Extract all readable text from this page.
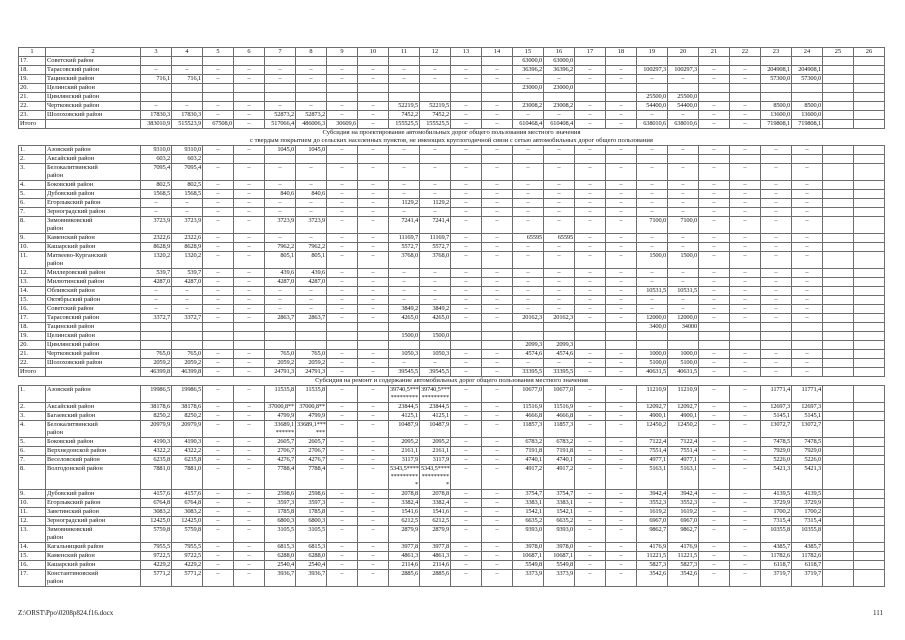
1	2	3	4	5	6	7	8	9	10	11	12	13	14	15	16	17	18	19	20	21	22	23	24	25	26
17.	Советский район													63000,0	63000,0										
18.	Тарасовский район	–	–	–	–	–	–	–	–	–	–	–	–	36396,2	36396,2	–	–	100297,3	100297,3	–	–	204908,1	204908,1		
19.	Тацинский район	716,1	716,1	–	–	–	–	–	–	–	–	–	–	–	–	–	–	–	–	–	–	57300,0	57300,0		
20.	Целинский район													23000,0	23000,0										
21.	Цимлянский район																	25500,0	25500,0						
22.	Чертковский район	–	–	–	–	–	–	–	–	52219,5	52219,5	–	–	23008,2	23008,2	–	–	54400,0	54400,0	–	–	8500,0	8500,0		
23.	Шолоховский район	17830,3	17830,3	–	–	52873,2	52873,2	–	–	7452,2	7452,2	–	–	–	–	–	–	–	–	–	–	13600,0	13600,0		
Итого		383010,9	515523,9	67508,0	–	517066,4	486006,3	30609,6	–	155525,5	155525,5	–	–	610468,4	610408,4	–	–	638010,6	638010,6	–	–	719808,1	719808,1		
Субсидия на проектирование автомобильных дорог общего пользования местного значения
с твердым покрытием до сельских населенных пунктов, не имеющих круглогодичной связи с сетью автомобильных дорог общего пользования																									
1.	Азовский район	9310,0	9310,0	–	–	1045,0	1045,0	–	–	–	–	–	–	–	–	–	–	–	–	–	–	–	–		
2.	Аксайский район	603,2	603,2																						
3.	Белокалитвинский
район	7095,4	7095,4	–	–	–	–	–	–	–	–	–	–	–	–	–	–	–	–	–	–	–	–		
4.	Боковский район	802,5	802,5	–	–	–	–	–	–	–	–	–	–	–	–	–	–	–	–	–	–	–	–		
5.	Дубовский район	1568,5	1568,5	–	–	840,6	840,6	–	–	–	–	–	–	–	–	–	–	–	–	–	–	–	–		
6.	Егорлыкский район	–	–	–	–	–	–	–	–	1129,2	1129,2	–	–	–	–	–	–	–	–	–	–	–	–		
7.	Зерноградский район	–	–	–	–	–	–	–	–	–	–	–	–	–	–	–	–	–	–	–	–	–	–		
8.	Зимовниковский
район	3723,9	3723,9	–	–	3723,9	3723,9	–	–	7241,4	7241,4	–	–	–	–	–	–	7100,0	7100,0	–	–	–	–		
9.	Каменский район	2322,6	2322,6	–	–	–	–	–	–	11169,7	11169,7	–	–	65595	65595	–	–	–	–	–	–	–	–		
10.	Кашарский район	8628,9	8628,9	–	–	7962,2	7962,2	–	–	5572,7	5572,7	–	–	–	–	–	–	–	–	–	–	–	–		
11.	Матвеево-Курганский
район	1320,2	1320,2	–	–	805,1	805,1	–	–	3768,0	3768,0	–	–	–	–	–	–	1500,0	1500,0	–	–	–	–		
12.	Миллеровский район	539,7	539,7	–	–	439,6	439,6	–	–	–	–	–	–	–	–	–	–	–	–	–	–	–	–		
13.	Милютинский район	4287,0	4287,0	–	–	4287,0	4287,0	–	–	–	–	–	–	–	–	–	–	–	–	–	–	–	–		
14.	Обливский район	–	–	–	–	–	–	–	–	–	–	–	–	–	–	–	–	10531,5	10531,5	–	–	–	–		
15.	Октябрьский район	–	–	–	–	–	–	–	–	–	–	–	–	–	–	–	–	–	–	–	–	–	–		
16.	Советский район	–	–	–	–	–	–	–	–	3849,2	3849,2	–	–	–	–	–	–	–	–	–	–	–	–		
17.	Тарасовский район	3372,7	3372,7	–	–	2863,7	2863,7	–	–	4265,0	4265,0	–	–	20162,3	20162,3	–	–	12000,0	12000,0	–	–	–	–		
18.	Тацинский район																	3400,0	34000						
19.	Целинский район									1500,0	1500,0														
20.	Цимлянский район													2099,3	2099,3										
21.	Чертковский район	765,0	765,0	–	–	765,0	765,0	–	–	1050,3	1050,3	–	–	4574,6	4574,6	–	–	1000,0	1000,0	–	–	–	–		
22.	Шолоховский район	2059,2	2059,2	–	–	2059,2	2059,2	–	–	–	–	–	–	–	–	–	–	5100,0	5100,0	–	–	–	–		
Итого		46399,8	46399,8	–	–	24791,3	24791,3	–	–	39545,5	39545,5	–	–	33395,5	33395,5	–	–	40631,5	40631,5	–	–	–	–		
Субсидия на ремонт и содержание автомобильных дорог общего пользования местного значения																									
1.	Азовский район	19986,5	19986,5	–	–	11535,8	11535,8	–	–	39740,5***
*********	39740,5***
*********	–	–	10677,0	10677,0	–	–	11210,9	11210,9	–	–	11771,4	11771,4		
2.	Аксайский район	38178,6	38178,6	–	–	37000,8**	37000,8**	–	–	23844,5	23844,5	–	–	11516,9	11516,9	–	–	12092,7	12092,7	–	–	12697,3	12697,3		
3.	Багаевский район	8250,2	8250,2	–	–	4799,9	4799,9	–	–	4125,1	4125,1	–	–	4666,8	4666,8	–	–	4900,1	4900,1	–	–	5145,1	5145,1		
4.	Белокалитвинский
район	20979,9	20979,9	–	–	33689,1
******	33689,1***
***	–	–	10487,9	10487,9	–	–	11857,3	11857,3	–	–	12450,2	12450,2	–	–	13072,7	13072,7		
5.	Боковский район	4190,3	4190,3	–	–	2605,7	2605,7	–	–	2095,2	2095,2	–	–	6783,2	6783,2	–	–	7122,4	7122,4	–	–	7478,5	7478,5		
6.	Верхнедонской район	4322,2	4322,2	–	–	2706,7	2706,7	–	–	2161,1	2161,1	–	–	7191,8	7191,8	–	–	7551,4	7551,4	–	–	7929,0	7929,0		
7.	Веселовский район	6235,8	6235,8	–	–	4276,7	4276,7	–	–	3117,9	3117,9	–	–	4740,1	4740,1	–	–	4977,1	4977,1	–	–	5226,0	5226,0		
8.	Волгодонской район	7881,0	7881,0	–	–	7788,4	7788,4	–	–	5343,5****
*********
*	5343,5****
*********
*	–	–	4917,2	4917,2	–	–	5163,1	5163,1	–	–	5421,3	5421,3		
9.	Дубовский район	4157,6	4157,6	–	–	2598,6	2598,6	–	–	2078,8	2078,8	–	–	3754,7	3754,7	–	–	3942,4	3942,4	–	–	4139,5	4139,5		
10.	Егорлыкский район	6764,8	6764,8	–	–	3597,3	3597,3	–	–	3382,4	3382,4	–	–	3383,1	3383,1	–	–	3552,3	3552,3	–	–	3729,9	3729,9		
11.	Заветинский район	3083,2	3083,2	–	–	1785,8	1785,8	–	–	1541,6	1541,6	–	–	1542,1	1542,1	–	–	1619,2	1619,2	–	–	1700,2	1700,2		
12.	Зерноградский район	12425,0	12425,0	–	–	6800,3	6800,3	–	–	6212,5	6212,5	–	–	6635,2	6635,2	–	–	6967,0	6967,0	–	–	7315,4	7315,4		
13.	Зимовниковский
район	5759,8	5759,8	–	–	3105,5	3105,5	–	–	2879,9	2879,9	–	–	9393,0	9393,0	–	–	9862,7	9862,7	–	–	10355,8	10355,8		
14.	Кагальницкий район	7955,5	7955,5	–	–	6815,3	6815,3	–	–	3977,8	3977,8	–	–	3978,0	3978,0	–	–	4176,9	4176,9	–	–	4385,7	4385,7		
15.	Каменский район	9722,5	9722,5	–	–	6288,0	6288,0	–	–	4861,3	4861,3	–	–	10687,1	10687,1	–	–	11221,5	11221,5	–	–	11782,6	11782,6		
16.	Кашарский район	4229,2	4229,2	–	–	2540,4	2540,4	–	–	2114,6	2114,6	–	–	5549,8	5549,8	–	–	5827,3	5827,3	–	–	6118,7	6118,7		
17.	Константиновский
район	5771,2	5771,2	–	–	3936,7	3936,7	–	–	2885,6	2885,6	–	–	3373,9	3373,9	–	–	3542,6	3542,6	–	–	3719,7	3719,7		
Z:\ORST\Ppo\0208p824.f16.docx	111
